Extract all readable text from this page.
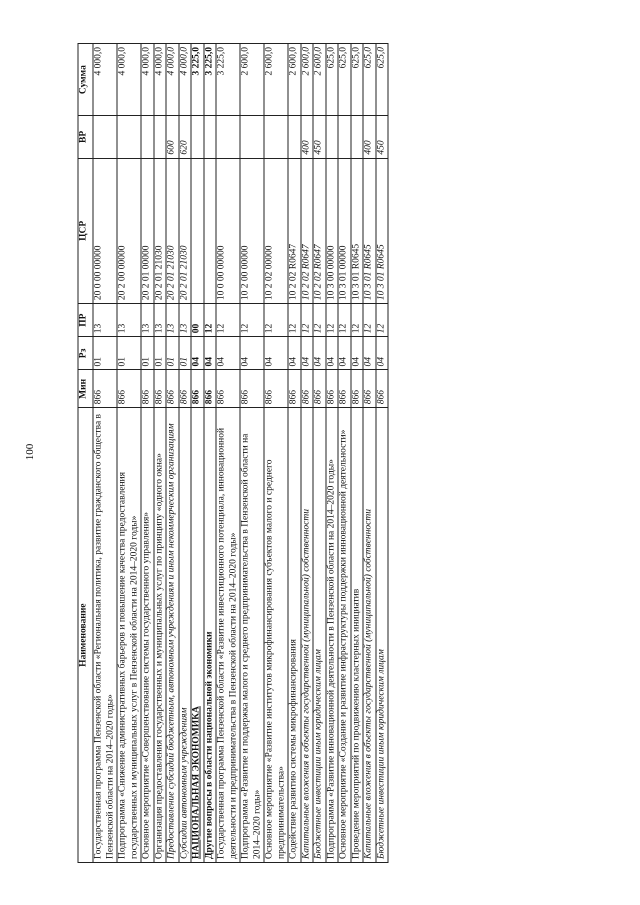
100
Наименование	Мин	Рз	ПР	ЦСР	ВР	Сумма
Государственная программа Пензенской области «Региональная политика, развитие гражданского общества в Пензенской области на 2014–2020 годы»	866	01	13	20 0 00 00000		4 000,0
Подпрограмма «Снижение административных барьеров и повышение качества предоставления государственных и муниципальных услуг в Пензенской области на 2014–2020 годы»	866	01	13	20 2 00 00000		4 000,0
Основное мероприятие «Совершенствование системы государственного управления»	866	01	13	20 2 01 00000		4 000,0
Организация предоставления государственных и муниципальных услуг по принципу «одного окна»	866	01	13	20 2 01 21030		4 000,0
Предоставление субсидий бюджетным, автономным учреждениям и иным некоммерческим организациям	866	01	13	20 2 01 21030	600	4 000,0
Субсидии автономным учреждениям	866	01	13	20 2 01 21030	620	4 000,0
НАЦИОНАЛЬНАЯ ЭКОНОМИКА	866	04	00			3 225,0
Другие вопросы в области национальной экономики	866	04	12			3 225,0
Государственная программа Пензенской области «Развитие инвестиционного потенциала, инновационной деятельности и предпринимательства в Пензенской области на 2014–2020 годы»	866	04	12	10 0 00 00000		3 225,0
Подпрограмма «Развитие и поддержка малого и среднего предпринимательства в Пензенской области на 2014–2020 годы»	866	04	12	10 2 00 00000		2 600,0
Основное мероприятие «Развитие институтов микрофинансирования субъектов малого и среднего предпринимательства»	866	04	12	10 2 02 00000		2 600,0
Содействие развитию системы микрофинансирования	866	04	12	10 2 02 R0647		2 600,0
Капитальные вложения в объекты государственной (муниципальной) собственности	866	04	12	10 2 02 R0647	400	2 600,0
Бюджетные инвестиции иным юридическим лицам	866	04	12	10 2 02 R0647	450	2 600,0
Подпрограмма «Развитие инновационной деятельности в Пензенской области на 2014–2020 годы»	866	04	12	10 3 00 00000		625,0
Основное мероприятие «Создание и развитие инфраструктуры поддержки инновационной деятельности»	866	04	12	10 3 01 00000		625,0
Проведение мероприятий по продвижению кластерных инициатив	866	04	12	10 3 01 R0645		625,0
Капитальные вложения в объекты государственной (муниципальной) собственности	866	04	12	10 3 01 R0645	400	625,0
Бюджетные инвестиции иным юридическим лицам	866	04	12	10 3 01 R0645	450	625,0
